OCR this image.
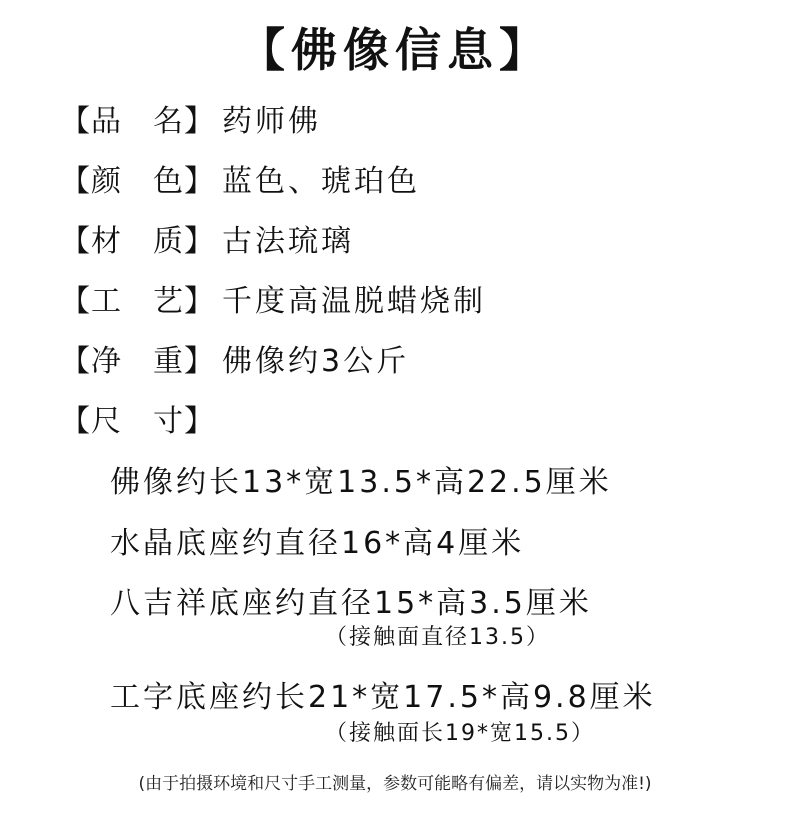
【佛像信息】
【品　名】 药师佛
【颜　色】 蓝色、琥珀色
【材　质】 古法琉璃
【工　艺】 千度高温脱蜡烧制
【净　重】 佛像约3公斤
【尺　寸】
佛像约长13*宽13.5*高22.5厘米
水晶底座约直径16*高4厘米
八吉祥底座约直径15*高3.5厘米
（接触面直径13.5）
工字底座约长21*宽17.5*高9.8厘米
（接触面长19*宽15.5）
(由于拍摄环境和尺寸手工测量，参数可能略有偏差，请以实物为准!)
